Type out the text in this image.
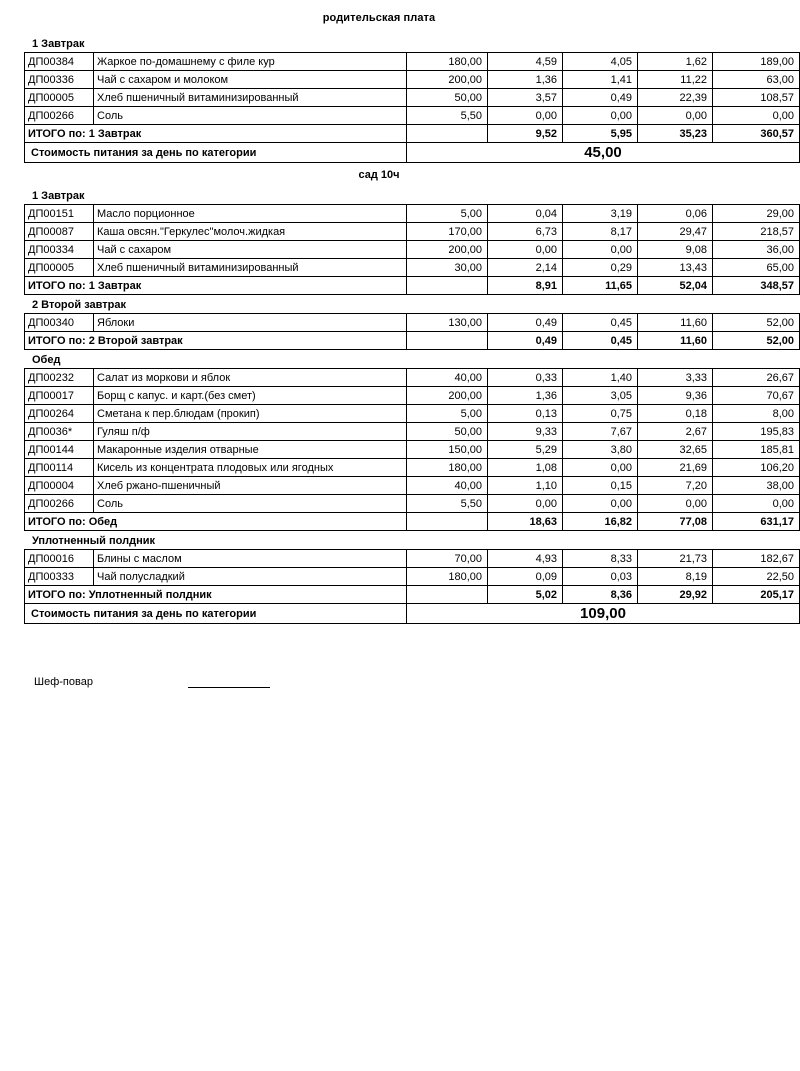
родительская плата
1 Завтрак
ДП00384	Жаркое по-домашнему с филе кур	180,00	4,59	4,05	1,62	189,00
ДП00336	Чай с сахаром и молоком	200,00	1,36	1,41	11,22	63,00
ДП00005	Хлеб пшеничный витаминизированный	50,00	3,57	0,49	22,39	108,57
ДП00266	Соль	5,50	0,00	0,00	0,00	0,00
ИТОГО по: 1 Завтрак			9,52	5,95	35,23	360,57
Стоимость питания за день по категории		45,00				
сад 10ч
1 Завтрак
ДП00151	Масло порционное	5,00	0,04	3,19	0,06	29,00
ДП00087	Каша овсян."Геркулес"молоч.жидкая	170,00	6,73	8,17	29,47	218,57
ДП00334	Чай с сахаром	200,00	0,00	0,00	9,08	36,00
ДП00005	Хлеб пшеничный витаминизированный	30,00	2,14	0,29	13,43	65,00
ИТОГО по: 1 Завтрак			8,91	11,65	52,04	348,57
2 Второй завтрак
ДП00340	Яблоки	130,00	0,49	0,45	11,60	52,00
ИТОГО по: 2 Второй завтрак			0,49	0,45	11,60	52,00
Обед
ДП00232	Салат из моркови и яблок	40,00	0,33	1,40	3,33	26,67
ДП00017	Борщ с капус. и карт.(без смет)	200,00	1,36	3,05	9,36	70,67
ДП00264	Сметана к пер.блюдам (прокип)	5,00	0,13	0,75	0,18	8,00
ДП0036*	Гуляш п/ф	50,00	9,33	7,67	2,67	195,83
ДП00144	Макаронные изделия отварные	150,00	5,29	3,80	32,65	185,81
ДП00114	Кисель из концентрата плодовых или ягодных	180,00	1,08	0,00	21,69	106,20
ДП00004	Хлеб ржано-пшеничный	40,00	1,10	0,15	7,20	38,00
ДП00266	Соль	5,50	0,00	0,00	0,00	0,00
ИТОГО по: Обед			18,63	16,82	77,08	631,17
Уплотненный полдник
ДП00016	Блины с маслом	70,00	4,93	8,33	21,73	182,67
ДП00333	Чай полусладкий	180,00	0,09	0,03	8,19	22,50
ИТОГО по: Уплотненный полдник			5,02	8,36	29,92	205,17
Стоимость питания за день по категории		109,00				
Шеф-повар
